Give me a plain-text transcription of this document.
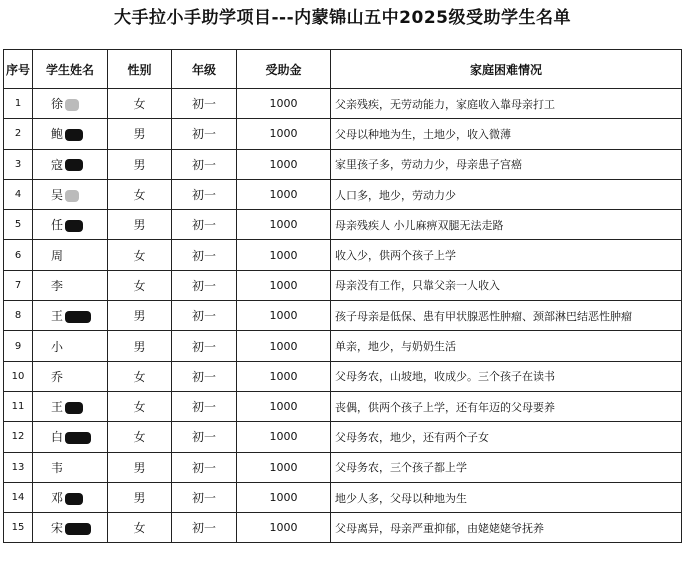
大手拉小手助学项目---内蒙锦山五中2025级受助学生名单
序号	学生姓名	性别	年级	受助金	家庭困难情况
1	徐	女	初一	1000	父亲残疾，无劳动能力，家庭收入靠母亲打工
2	鲍	男	初一	1000	父母以种地为生，土地少，收入微薄
3	寇	男	初一	1000	家里孩子多，劳动力少，母亲患子宫癌
4	吴	女	初一	1000	人口多，地少，劳动力少
5	任	男	初一	1000	母亲残疾人 小儿麻痹双腿无法走路
6	周	女	初一	1000	收入少，供两个孩子上学
7	李	女	初一	1000	母亲没有工作，只靠父亲一人收入
8	王	男	初一	1000	孩子母亲是低保、患有甲状腺恶性肿瘤、颈部淋巴结恶性肿瘤
9	小	男	初一	1000	单亲，地少，与奶奶生活
10	乔	女	初一	1000	父母务农，山坡地，收成少。三个孩子在读书
11	王	女	初一	1000	丧偶，供两个孩子上学，还有年迈的父母要养
12	白	女	初一	1000	父母务农，地少，还有两个子女
13	韦	男	初一	1000	父母务农，三个孩子都上学
14	邓	男	初一	1000	地少人多，父母以种地为生
15	宋	女	初一	1000	父母离异，母亲严重抑郁，由姥姥姥爷抚养
